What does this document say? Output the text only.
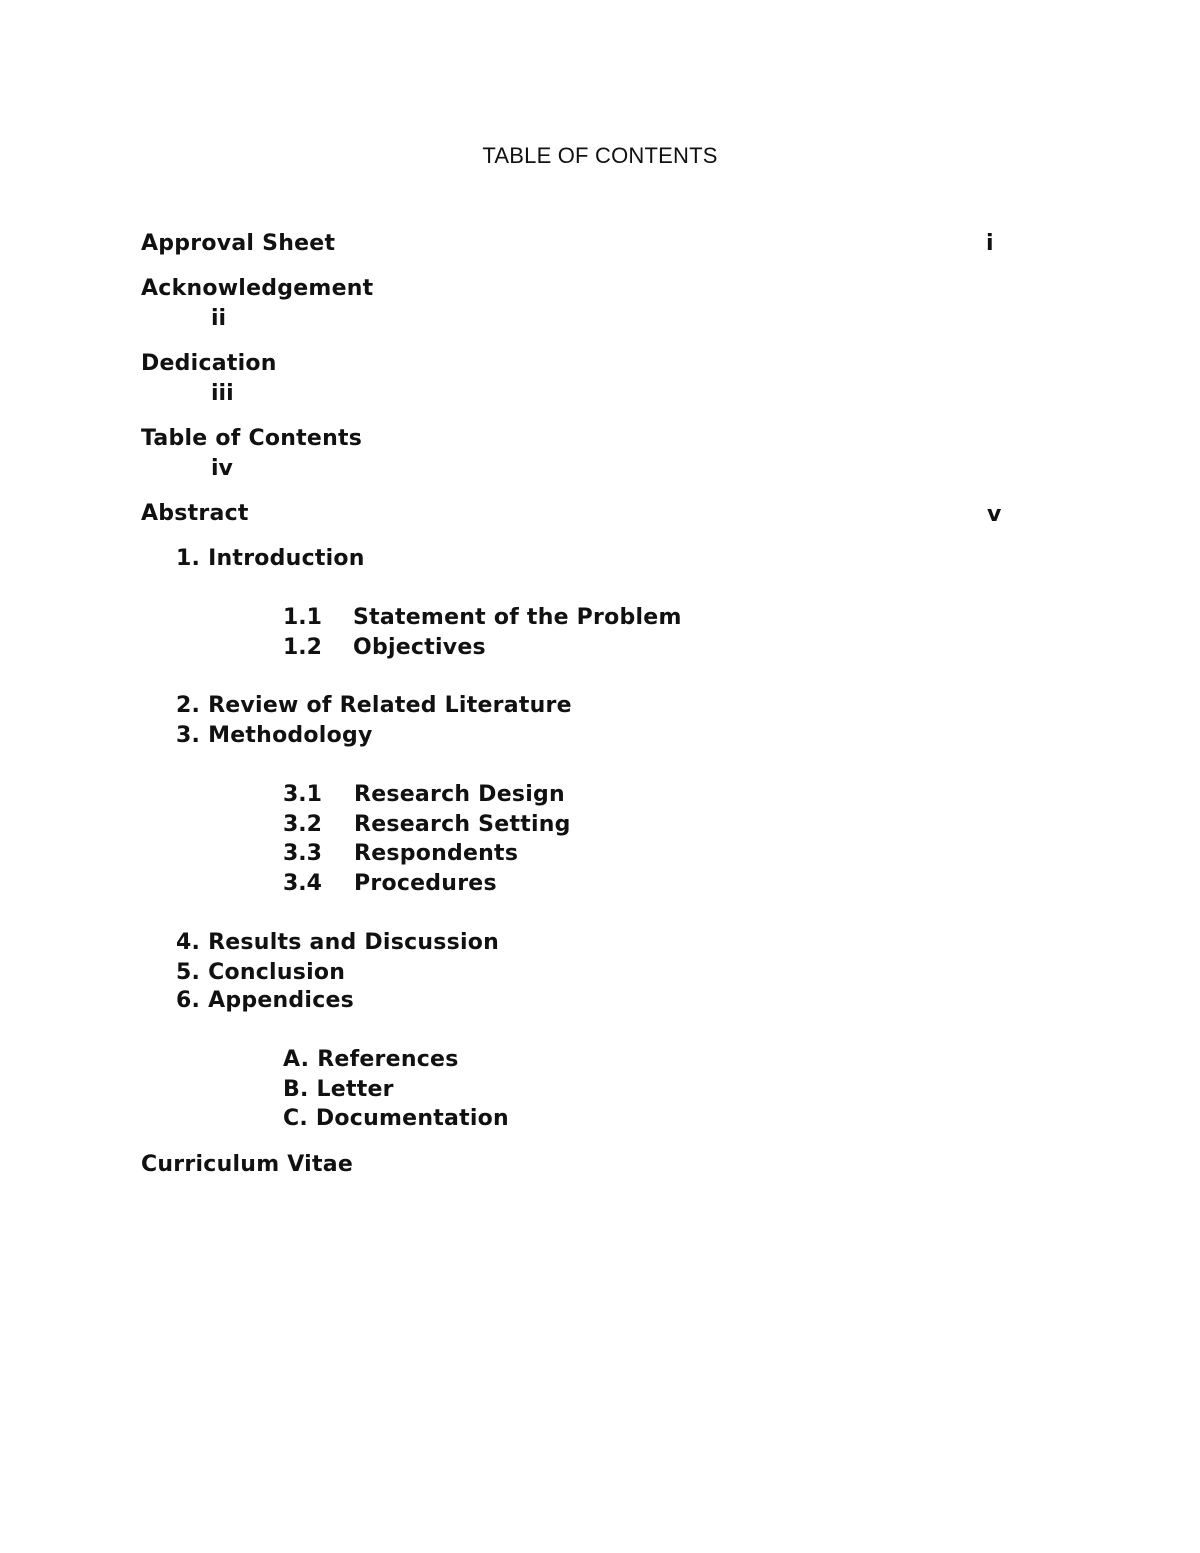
TABLE OF CONTENTS
Approval Sheet	i
Acknowledgement
ii
Dedication
iii
Table of Contents
iv
Abstract	v
1. Introduction
1.1 Statement of the Problem
1.2 Objectives
2. Review of Related Literature
3. Methodology
3.1 Research Design
3.2 Research Setting
3.3 Respondents
3.4 Procedures
4. Results and Discussion
5. Conclusion
6. Appendices
A. References
B. Letter
C. Documentation
Curriculum Vitae
